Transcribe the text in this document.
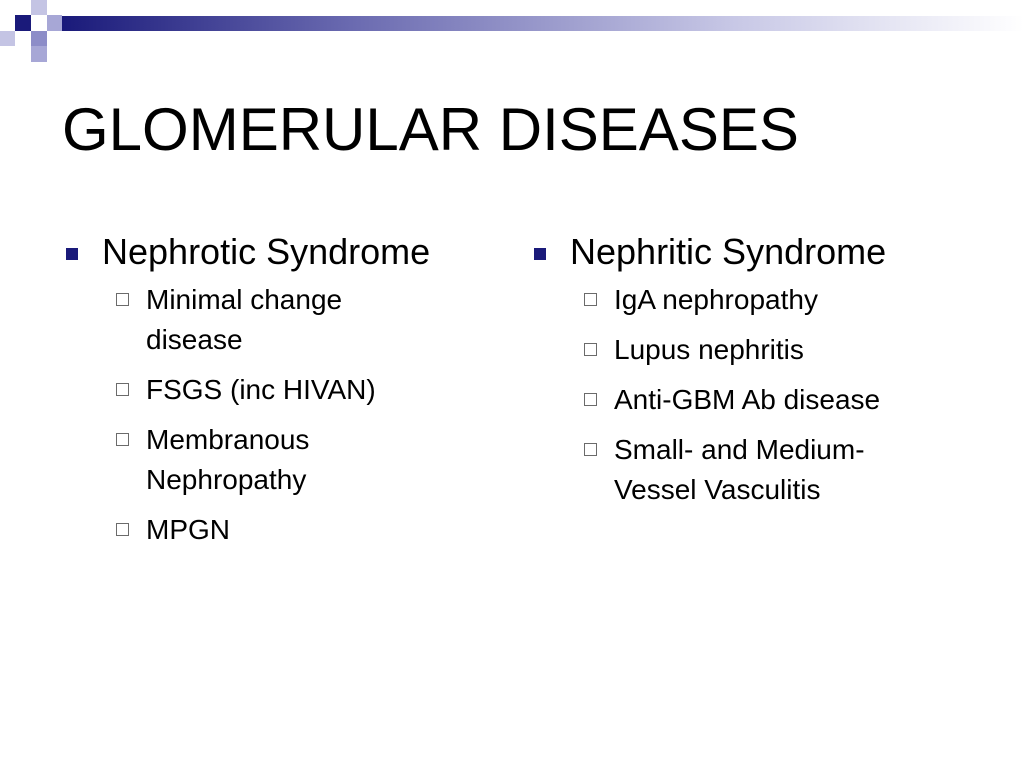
GLOMERULAR DISEASES
Nephrotic Syndrome
Minimal change
disease
FSGS (inc HIVAN)
Membranous
Nephropathy
MPGN
Nephritic Syndrome
IgA nephropathy
Lupus nephritis
Anti-GBM Ab disease
Small- and Medium-
Vessel Vasculitis
